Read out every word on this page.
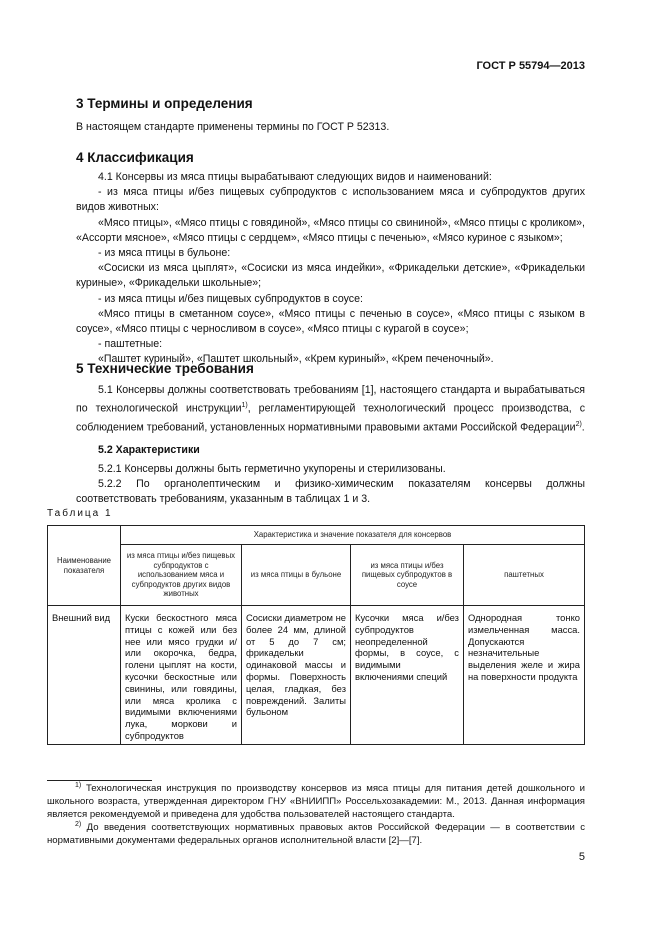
ГОСТ Р 55794—2013

3 Термины и определения

В настоящем стандарте применены термины по ГОСТ Р 52313.

4 Классификация

4.1 Консервы из мяса птицы вырабатывают следующих видов и наименований:

- из мяса птицы и/без пищевых субпродуктов с использованием мяса и субпродуктов других видов животных:

«Мясо птицы», «Мясо птицы с говядиной», «Мясо птицы со свининой», «Мясо птицы с кроликом», «Ассорти мясное», «Мясо птицы с сердцем», «Мясо птицы с печенью», «Мясо куриное с языком»;

- из мяса птицы в бульоне:

«Сосиски из мяса цыплят», «Сосиски из мяса индейки», «Фрикадельки детские», «Фрикадельки куриные», «Фрикадельки школьные»;

- из мяса птицы и/без пищевых субпродуктов в соусе:

«Мясо птицы в сметанном соусе», «Мясо птицы с печенью в соусе», «Мясо птицы с языком в соусе», «Мясо птицы с черносливом в соусе», «Мясо птицы с курагой в соусе»;

- паштетные:

«Паштет куриный», «Паштет школьный», «Крем куриный», «Крем печеночный».

5 Технические требования

5.1 Консервы должны соответствовать требованиям [1], настоящего стандарта и вырабатываться по технологической инструкции$^{1)}$, регламентирующей технологический процесс производства, с соблюдением требований, установленных нормативными правовыми актами Российской Федерации$^{2)}$.

5.2 Характеристики

5.2.1 Консервы должны быть герметично укупорены и стерилизованы.

5.2.2 По органолептическим и физико-химическим показателям консервы должны соответствовать требованиям, указанным в таблицах 1 и 3.

Таблица 1
Наименование показателя	Характеристика и значение показателя для консервов			
	из мяса птицы и/без пищевых субпродуктов с использованием мяса и субпродуктов других видов животных	из мяса птицы в бульоне	из мяса птицы и/без пищевых субпродуктов в соусе	паштетных
Внешний вид	Куски бескостного мяса птицы с кожей или без нее или мясо грудки и/или окорочка, бедра, голени цыплят на кости, кусочки бескостные или свинины, или говядины, или мяса кролика с видимыми включениями лука, моркови и субпродуктов	Сосиски диаметром не более 24 мм, длиной от 5 до 7 см; фрикадельки одинаковой массы и формы. Поверхность целая, гладкая, без повреждений. Залиты бульоном	Кусочки мяса и/без субпродуктов неопределенной формы, в соусе, с видимыми включениями специй	Однородная тонко измельченная масса. Допускаются незначительные выделения желе и жира на поверхности продукта

$^{1)}$ Технологическая инструкция по производству консервов из мяса птицы для питания детей дошкольного и школьного возраста, утвержденная директором ГНУ «ВНИИПП» Россельхозакадемии: М., 2013. Данная информация является рекомендуемой и приведена для удобства пользователей настоящего стандарта.

$^{2)}$ До введения соответствующих нормативных правовых актов Российской Федерации — в соответствии с нормативными документами федеральных органов исполнительной власти [2]—[7].

5
